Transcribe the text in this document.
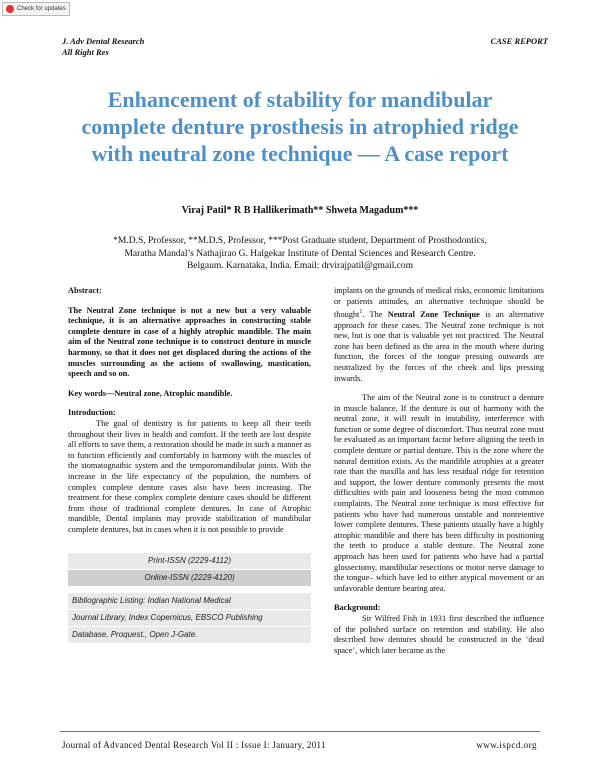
Check for updates
J. Adv Dental Research
All Right Res
CASE REPORT
Enhancement of stability for mandibular complete denture prosthesis in atrophied ridge with neutral zone technique — A case report
Viraj Patil* R B Hallikerimath** Shweta Magadum***
*M.D.S, Professor, **M.D.S, Professor, ***Post Graduate student, Department of Prosthodontics,
Maratha Mandal’s Nathajirao G. Halgekar Institute of Dental Sciences and Research Centre.
Belgaum. Karnataka, India. Email: drvirajpatil@gmail.com

Abstract:

The Neutral Zone technique is not a new but a very valuable technique, it is an alternative approaches in constructing stable complete denture in case of a highly atrophic mandible. The main aim of the Neutral zone technique is to construct denture in muscle harmony, so that it does not get displaced during the actions of the muscles surrounding as the actions of swallowing, mastication, speech and so on.

Key words—Neutral zone, Atrophic mandible.

Introduction:

The goal of dentistry is for patients to keep all their teeth throughout their lives in health and comfort. If the teeth are lost despite all efforts to save them, a restoration should be made in such a manner as to function efficiently and comfortably in harmony with the muscles of the stomatognathic system and the temporomandibular joints. With the increase in the life expectancy of the population, the numbers of complex complete denture cases also have been increasing. The treatment for these complex complete denture cases should be different from those of traditional complete dentures. In case of Atrophic mandible, Dental implants may provide stabilization of mandibular complete dentures, but in cases when it is not possible to provide

Print-ISSN (2229-4112)
Online-ISSN (2229-4120)
Bibliographic Listing: Indian National Medical
Journal Library, Index Copernicus, EBSCO Publishing
Database, Proquest., Open J-Gate.

implants on the grounds of medical risks, economic limitations or patients attitudes, an alternative technique should be thought$^1$. The Neutral Zone Technique is an alternative approach for these cases. The Neutral zone technique is not new, but is one that is valuable yet not practiced. The Neutral zone has been defined as the area in the mouth where during function, the forces of the tongue pressing outwards are neutralized by the forces of the cheek and lips pressing inwards.

The aim of the Neutral zone is to construct a denture in muscle balance. If the denture is out of harmony with the neutral zone, it will result in instability, interference with function or some degree of discomfort. Thus neutral zone must be evaluated as an important factor before aligning the teeth in complete denture or partial denture. This is the zone where the natural dentition exists. As the mandible atrophies at a greater rate than the maxilla and has less residual ridge for retention and support, the lower denture commonly presents the most difficulties with pain and looseness being the most common complaints. The Neutral zone technique is most effective for patients who have had numerous unstable and nonretentive lower complete dentures. These patients usually have a highly atrophic mandible and there has been difficulty in positioning the teeth to produce a stable denture. The Neutral zone approach has been used for patients who have had a partial glossectomy, mandibular resections or motor nerve damage to the tongue– which have led to either atypical movement or an unfavorable denture bearing area.

Background:

Sir Wilfred Fish in 1931 first described the influence of the polished surface on retention and stability. He also described how dentures should be constructed in the ‘dead space’, which later became as the

Journal of Advanced Dental Research Vol II : Issue I: January, 2011	www.ispcd.org
